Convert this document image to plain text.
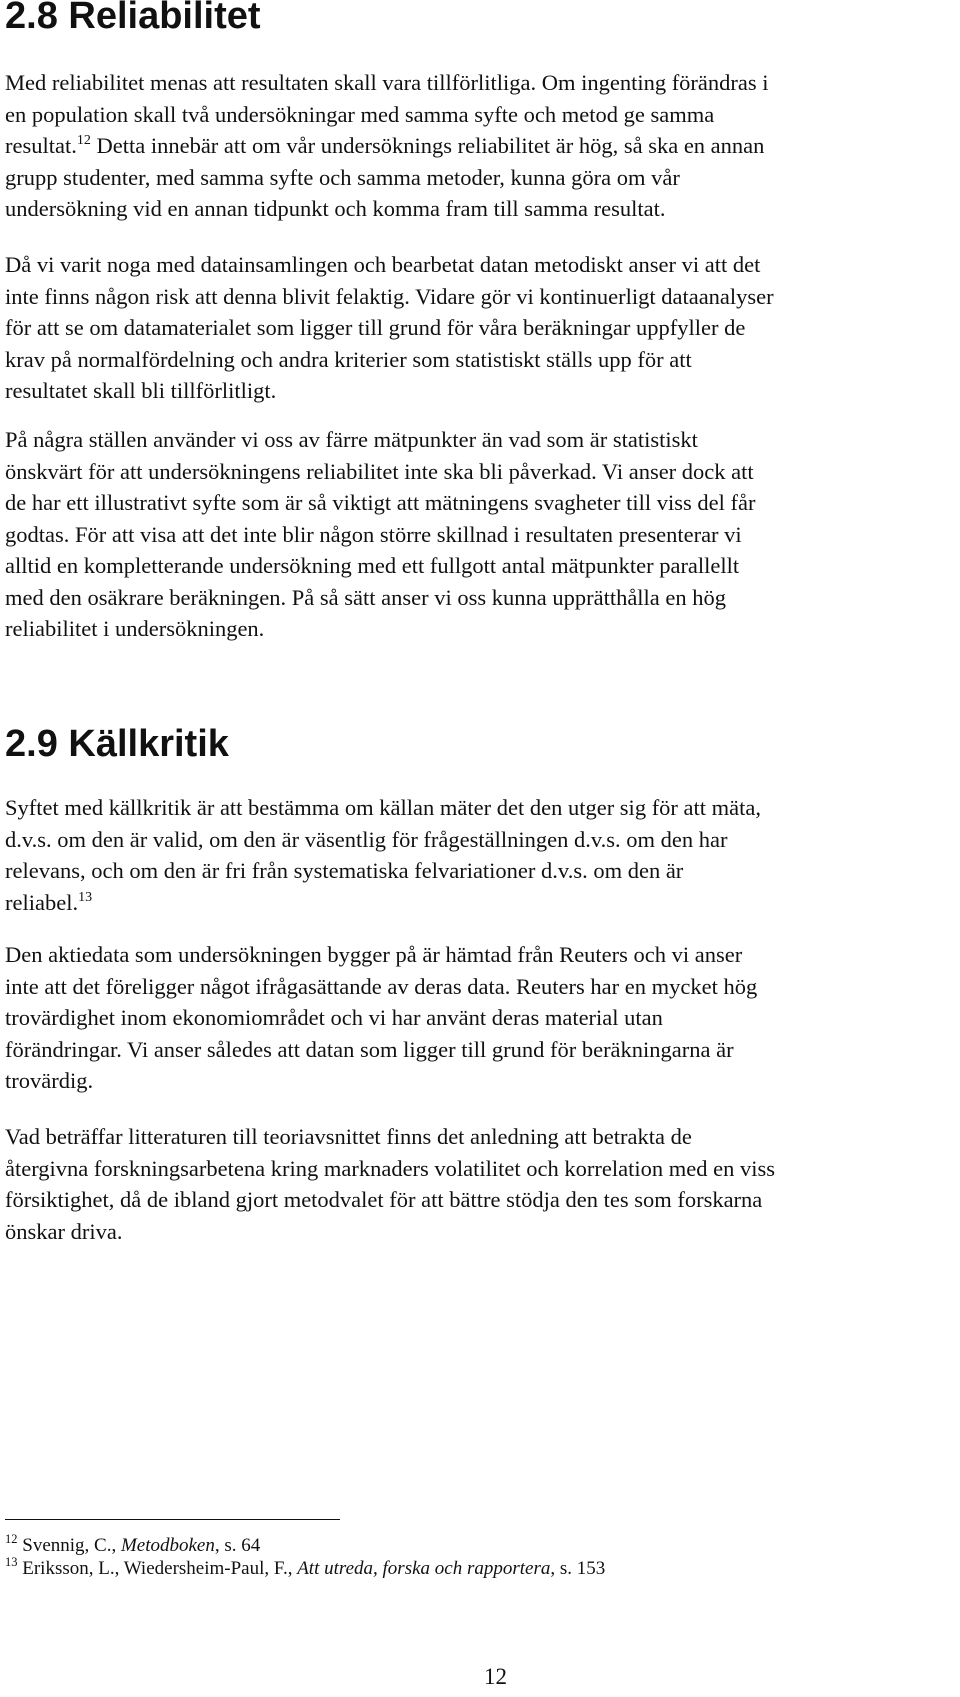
2.8 Reliabilitet
Med reliabilitet menas att resultaten skall vara tillförlitliga. Om ingenting förändras i
en population skall två undersökningar med samma syfte och metod ge samma
resultat.$^{12}$ Detta innebär att om vår undersöknings reliabilitet är hög, så ska en annan
grupp studenter, med samma syfte och samma metoder, kunna göra om vår
undersökning vid en annan tidpunkt och komma fram till samma resultat.
Då vi varit noga med datainsamlingen och bearbetat datan metodiskt anser vi att det
inte finns någon risk att denna blivit felaktig. Vidare gör vi kontinuerligt dataanalyser
för att se om datamaterialet som ligger till grund för våra beräkningar uppfyller de
krav på normalfördelning och andra kriterier som statistiskt ställs upp för att
resultatet skall bli tillförlitligt.
På några ställen använder vi oss av färre mätpunkter än vad som är statistiskt
önskvärt för att undersökningens reliabilitet inte ska bli påverkad. Vi anser dock att
de har ett illustrativt syfte som är så viktigt att mätningens svagheter till viss del får
godtas. För att visa att det inte blir någon större skillnad i resultaten presenterar vi
alltid en kompletterande undersökning med ett fullgott antal mätpunkter parallellt
med den osäkrare beräkningen. På så sätt anser vi oss kunna upprätthålla en hög
reliabilitet i undersökningen.
2.9 Källkritik
Syftet med källkritik är att bestämma om källan mäter det den utger sig för att mäta,
d.v.s. om den är valid, om den är väsentlig för frågeställningen d.v.s. om den har
relevans, och om den är fri från systematiska felvariationer d.v.s. om den är
reliabel.$^{13}$
Den aktiedata som undersökningen bygger på är hämtad från Reuters och vi anser
inte att det föreligger något ifrågasättande av deras data. Reuters har en mycket hög
trovärdighet inom ekonomiområdet och vi har använt deras material utan
förändringar. Vi anser således att datan som ligger till grund för beräkningarna är
trovärdig.
Vad beträffar litteraturen till teoriavsnittet finns det anledning att betrakta de
återgivna forskningsarbetena kring marknaders volatilitet och korrelation med en viss
försiktighet, då de ibland gjort metodvalet för att bättre stödja den tes som forskarna
önskar driva.

$^{12}$ Svennig, C., Metodboken, s. 64

$^{13}$ Eriksson, L., Wiedersheim-Paul, F., Att utreda, forska och rapportera, s. 153

12
